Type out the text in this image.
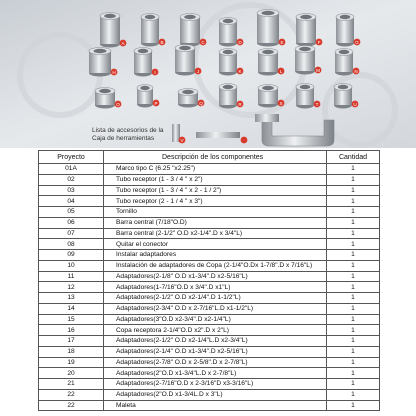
A	B	C	D	E	F	G
H	I	J	K	L	M	N
O	P	Q	R	S	T	U
V
Lista de accesorios de la
Caja de herramientas
Proyecto	Descripción de los componentes	Cantidad
01A	Marco tipo C (6.25 "x2.25")	1
02	Tubo receptor (1 - 3 / 4 " x 2")	1
03	Tubo receptor (1 - 3 / 4 " x 2 - 1 / 2")	1
04	Tubo receptor (2 - 1 / 4 " x 3")	1
05	Tornillo	1
06	Barra central (7/18"O.D)	1
07	Barra central (2-1/2" O.D x2-1/4".D x 3/4"L)	1
08	Quitar el conector	1
09	Instalar adaptadores	1
10	Instalación de adaptadores de Copa (2-1/4"O.Dx 1-7/8".D x 7/16"L)	1
11	Adaptadores(2-1/8" O.D x1-3/4".D x2-5/16"L)	1
12	Adaptadores(1-7/16"O.D x 3/4".D x1"L)	1
13	Adaptadores(2-1/2" O.D x2-1/4".D 1-1/2"L)	1
14	Adaptadores(2-3/4" O.D x 2-7/16"L.D x1-1/2"L)	1
15	Adaptadores(3"O.D x2-3/4".D x2-1/4"L)	1
16	Copa receptora 2-1/4"O.D x2".D x 2"L)	1
17	Adaptadores(2-1/2" O.D x2-1/4"L.D x2-3/4"L)	1
18	Adaptadores(2-1/4" O.D x1-3/4".D x2-5/16"L)	1
19	Adaptadores(2-7/8" O.D x 2-5/8".D x 2-7/8"L)	1
20	Adaptadores(2"O.D x1-3/4"L.D x 2-7/8"L)	1
21	Adaptadores(2-7/16"O.D x 2-3/16"D x3-3/16"L)	1
22	Adaptadores(2"O.D x1-3/4L.D x 3"L)	1
22	Maleta	1
